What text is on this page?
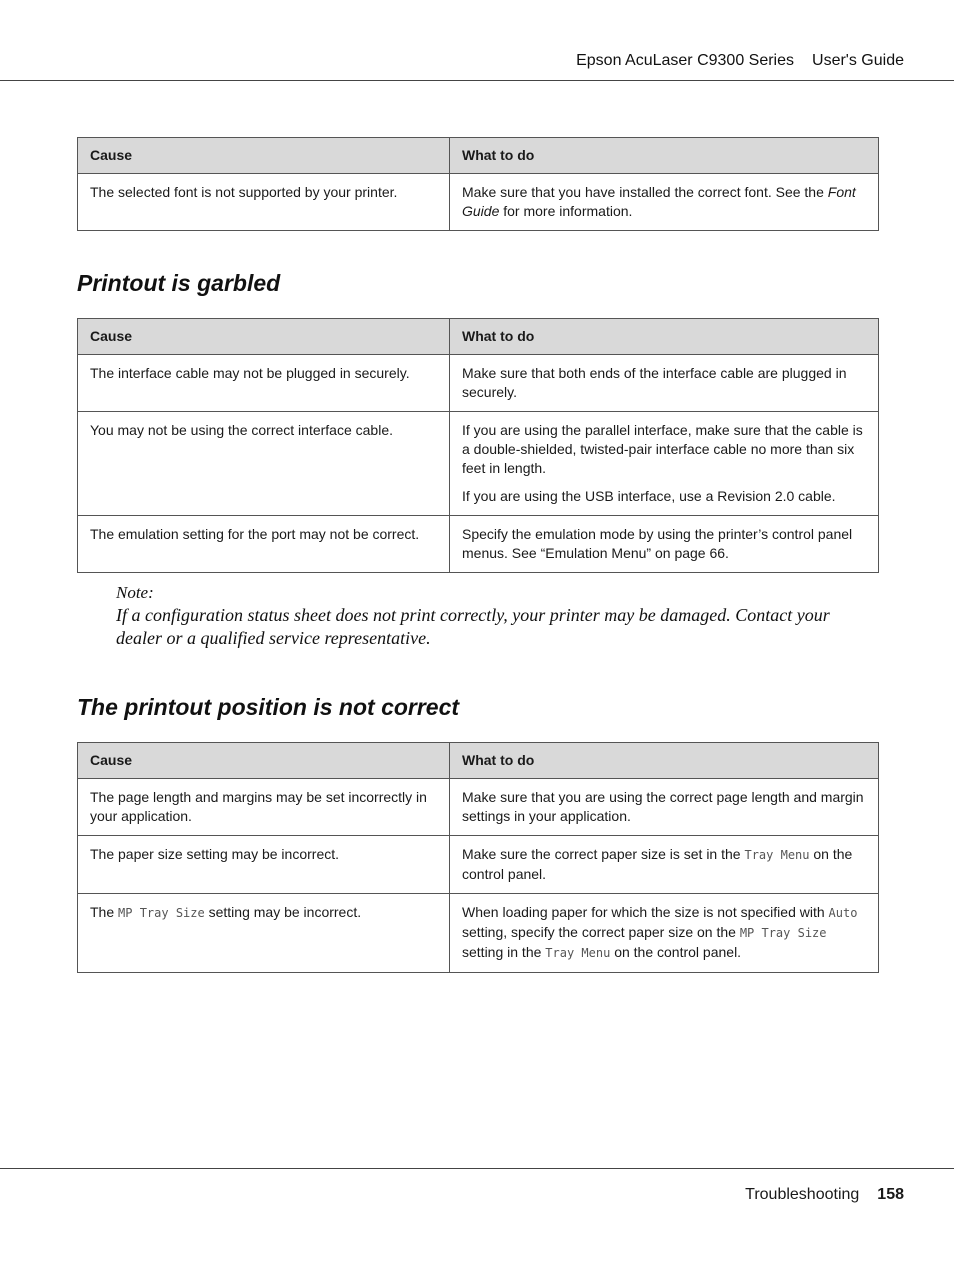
Epson AcuLaser C9300 Series User's Guide
Cause	What to do
The selected font is not supported by your printer.	Make sure that you have installed the correct font. See the Font Guide for more information.
Printout is garbled
Cause	What to do
The interface cable may not be plugged in securely.	Make sure that both ends of the interface cable are plugged in securely.
You may not be using the correct interface cable.	If you are using the parallel interface, make sure that the cable is a double-shielded, twisted-pair interface cable no more than six feet in length.

If you are using the USB interface, use a Revision 2.0 cable.

The emulation setting for the port may not be correct.	Specify the emulation mode by using the printer’s control panel menus. See “Emulation Menu” on page 66.
Note:
If a configuration status sheet does not print correctly, your printer may be damaged. Contact your dealer or a qualified service representative.
The printout position is not correct
Cause	What to do
The page length and margins may be set incorrectly in your application.	Make sure that you are using the correct page length and margin settings in your application.
The paper size setting may be incorrect.	Make sure the correct paper size is set in the Tray Menu on the control panel.
The MP Tray Size setting may be incorrect.	When loading paper for which the size is not specified with Auto setting, specify the correct paper size on the MP Tray Size setting in the Tray Menu on the control panel.
Troubleshooting 158
